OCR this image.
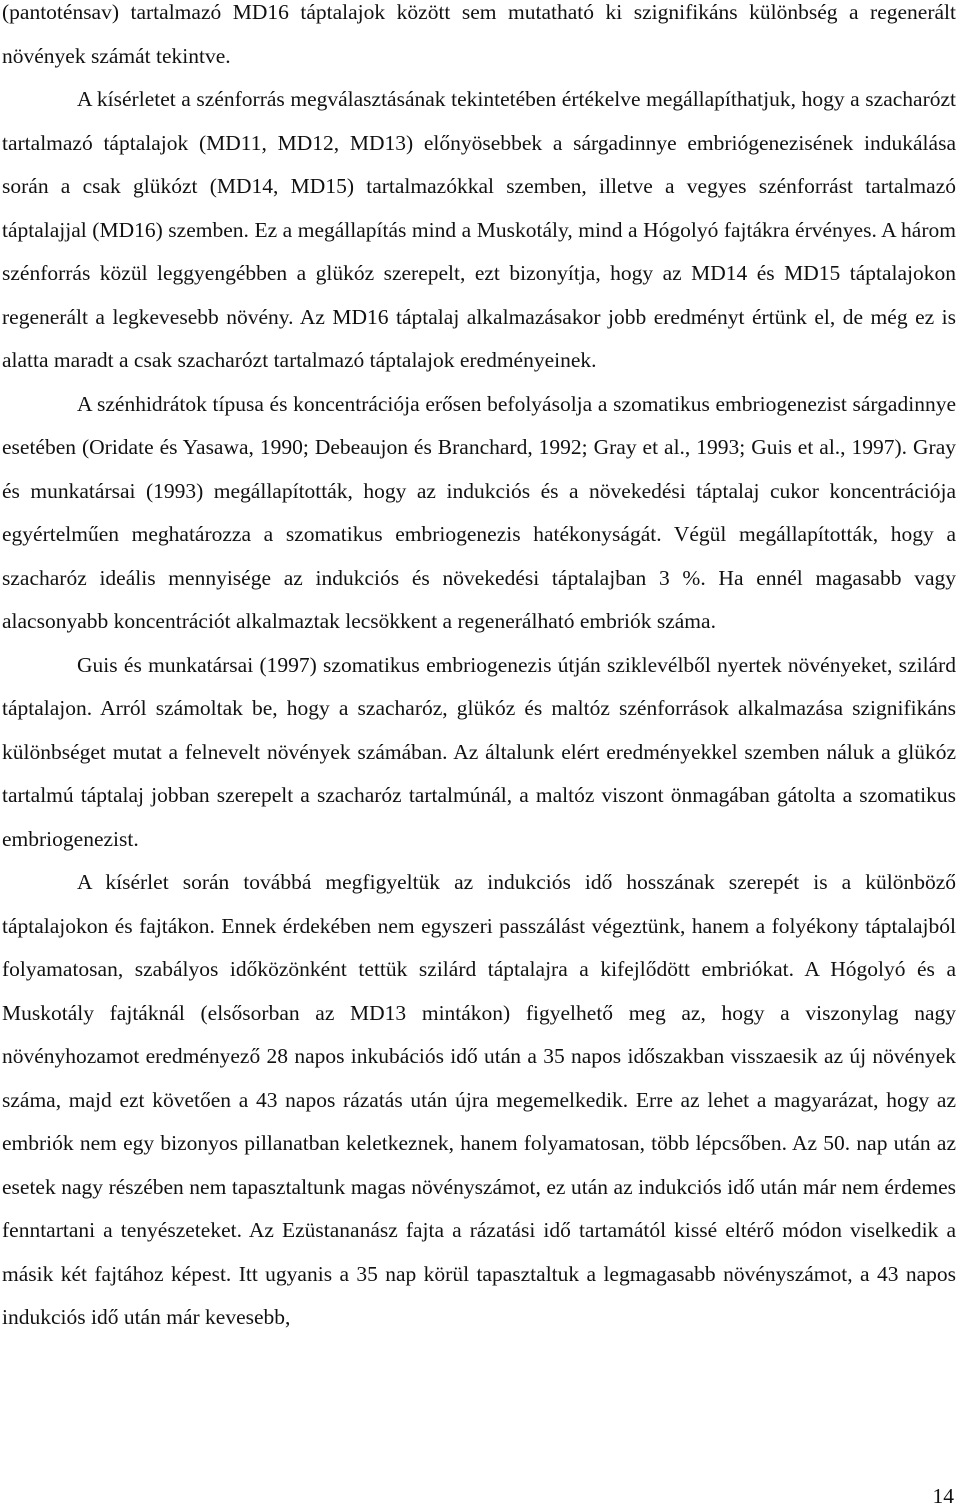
(pantoténsav) tartalmazó MD16 táptalajok között sem mutatható ki szignifikáns különbség a regenerált növények számát tekintve.

A kísérletet a szénforrás megválasztásának tekintetében értékelve megállapíthatjuk, hogy a szacharózt tartalmazó táptalajok (MD11, MD12, MD13) előnyösebbek a sárgadinnye embriógenezisének indukálása során a csak glükózt (MD14, MD15) tartalmazókkal szemben, illetve a vegyes szénforrást tartalmazó táptalajjal (MD16) szemben. Ez a megállapítás mind a Muskotály, mind a Hógolyó fajtákra érvényes. A három szénforrás közül leggyengébben a glükóz szerepelt, ezt bizonyítja, hogy az MD14 és MD15 táptalajokon regenerált a legkevesebb növény. Az MD16 táptalaj alkalmazásakor jobb eredményt értünk el, de még ez is alatta maradt a csak szacharózt tartalmazó táptalajok eredményeinek.

A szénhidrátok típusa és koncentrációja erősen befolyásolja a szomatikus embriogenezist sárgadinnye esetében (Oridate és Yasawa, 1990; Debeaujon és Branchard, 1992; Gray et al., 1993; Guis et al., 1997). Gray és munkatársai (1993) megállapították, hogy az indukciós és a növekedési táptalaj cukor koncentrációja egyértelműen meghatározza a szomatikus embriogenezis hatékonyságát. Végül megállapították, hogy a szacharóz ideális mennyisége az indukciós és növekedési táptalajban 3 %. Ha ennél magasabb vagy alacsonyabb koncentrációt alkalmaztak lecsökkent a regenerálható embriók száma.

Guis és munkatársai (1997) szomatikus embriogenezis útján sziklevélből nyertek növényeket, szilárd táptalajon. Arról számoltak be, hogy a szacharóz, glükóz és maltóz szénforrások alkalmazása szignifikáns különbséget mutat a felnevelt növények számában. Az általunk elért eredményekkel szemben náluk a glükóz tartalmú táptalaj jobban szerepelt a szacharóz tartalmúnál, a maltóz viszont önmagában gátolta a szomatikus embriogenezist.

A kísérlet során továbbá megfigyeltük az indukciós idő hosszának szerepét is a különböző táptalajokon és fajtákon. Ennek érdekében nem egyszeri passzálást végeztünk, hanem a folyékony táptalajból folyamatosan, szabályos időközönként tettük szilárd táptalajra a kifejlődött embriókat. A Hógolyó és a Muskotály fajtáknál (elsősorban az MD13 mintákon) figyelhető meg az, hogy a viszonylag nagy növényhozamot eredményező 28 napos inkubációs idő után a 35 napos időszakban visszaesik az új növények száma, majd ezt követően a 43 napos rázatás után újra megemelkedik. Erre az lehet a magyarázat, hogy az embriók nem egy bizonyos pillanatban keletkeznek, hanem folyamatosan, több lépcsőben. Az 50. nap után az esetek nagy részében nem tapasztaltunk magas növényszámot, ez után az indukciós idő után már nem érdemes fenntartani a tenyészeteket. Az Ezüstananász fajta a rázatási idő tartamától kissé eltérő módon viselkedik a másik két fajtához képest. Itt ugyanis a 35 nap körül tapasztaltuk a legmagasabb növényszámot, a 43 napos indukciós idő után már kevesebb,

14
